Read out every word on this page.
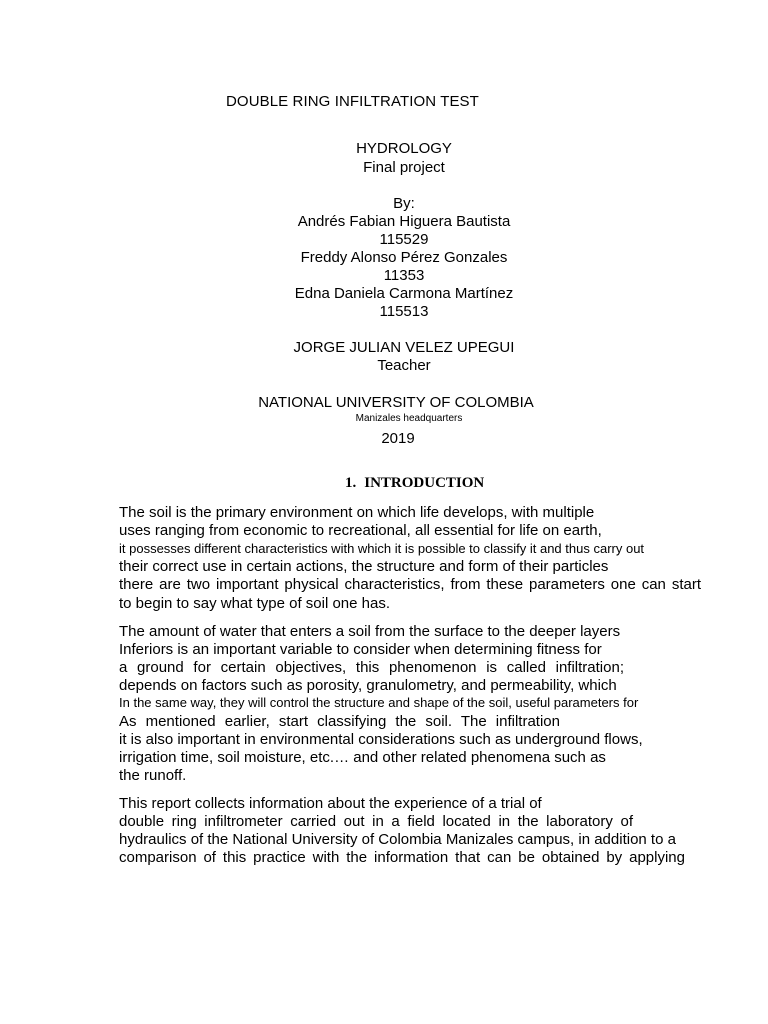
DOUBLE RING INFILTRATION TEST
HYDROLOGY
Final project
By:
Andrés Fabian Higuera Bautista
115529
Freddy Alonso Pérez Gonzales
11353
Edna Daniela Carmona Martínez
115513
JORGE JULIAN VELEZ UPEGUI
Teacher
NATIONAL UNIVERSITY OF COLOMBIA
Manizales headquarters
2019
1. INTRODUCTION
The soil is the primary environment on which life develops, with multiple
uses ranging from economic to recreational, all essential for life on earth,
it possesses different characteristics with which it is possible to classify it and thus carry out
their correct use in certain actions, the structure and form of their particles
there are two important physical characteristics, from these parameters one can start
to begin to say what type of soil one has.
The amount of water that enters a soil from the surface to the deeper layers
Inferiors is an important variable to consider when determining fitness for
a ground for certain objectives, this phenomenon is called infiltration;
depends on factors such as porosity, granulometry, and permeability, which
In the same way, they will control the structure and shape of the soil, useful parameters for
As mentioned earlier, start classifying the soil. The infiltration
it is also important in environmental considerations such as underground flows,
irrigation time, soil moisture, etc.… and other related phenomena such as
the runoff.
This report collects information about the experience of a trial of
double ring infiltrometer carried out in a field located in the laboratory of
hydraulics of the National University of Colombia Manizales campus, in addition to a
comparison of this practice with the information that can be obtained by applying
